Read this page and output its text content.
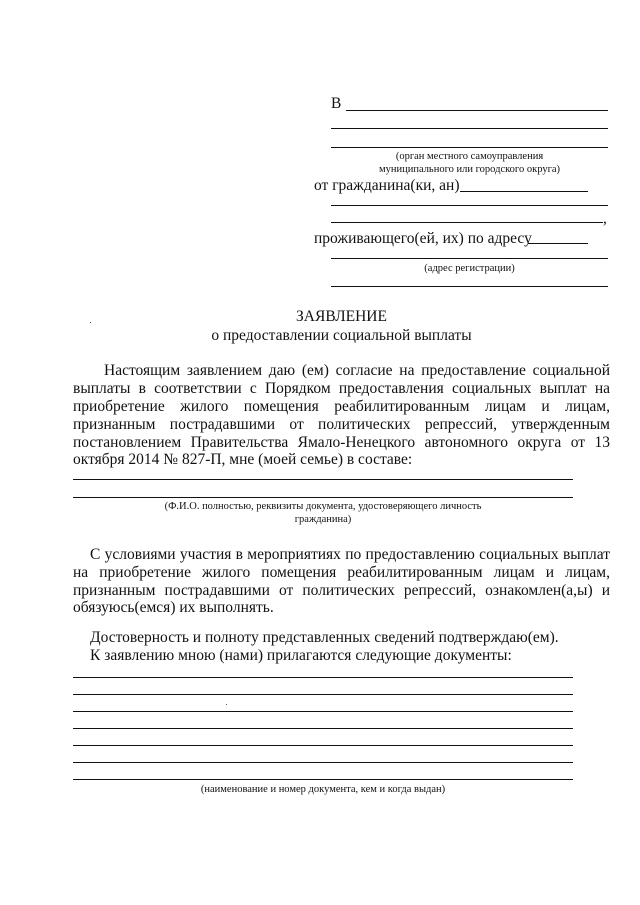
В
(орган местного самоуправления
муниципального или городского округа)
от гражданина(ки, ан)
,
проживающего(ей, их) по адресу
(адрес регистрации)
ЗАЯВЛЕНИЕ
о предоставлении социальной выплаты
Настоящим заявлением даю (ем) согласие на предоставление социальной
выплаты в соответствии с Порядком предоставления социальных выплат на
приобретение жилого помещения реабилитированным лицам и лицам,
признанным пострадавшими от политических репрессий, утвержденным
постановлением Правительства Ямало-Ненецкого автономного округа от 13
октября 2014 № 827-П, мне (моей семье) в составе:
(Ф.И.О. полностью, реквизиты документа, удостоверяющего личность
гражданина)
С условиями участия в мероприятиях по предоставлению социальных выплат
на приобретение жилого помещения реабилитированным лицам и лицам,
признанным пострадавшими от политических репрессий, ознакомлен(а,ы) и
обязуюсь(емся) их выполнять.
Достоверность и полноту представленных сведений подтверждаю(ем).
К заявлению мною (нами) прилагаются следующие документы:
(наименование и номер документа, кем и когда выдан)
